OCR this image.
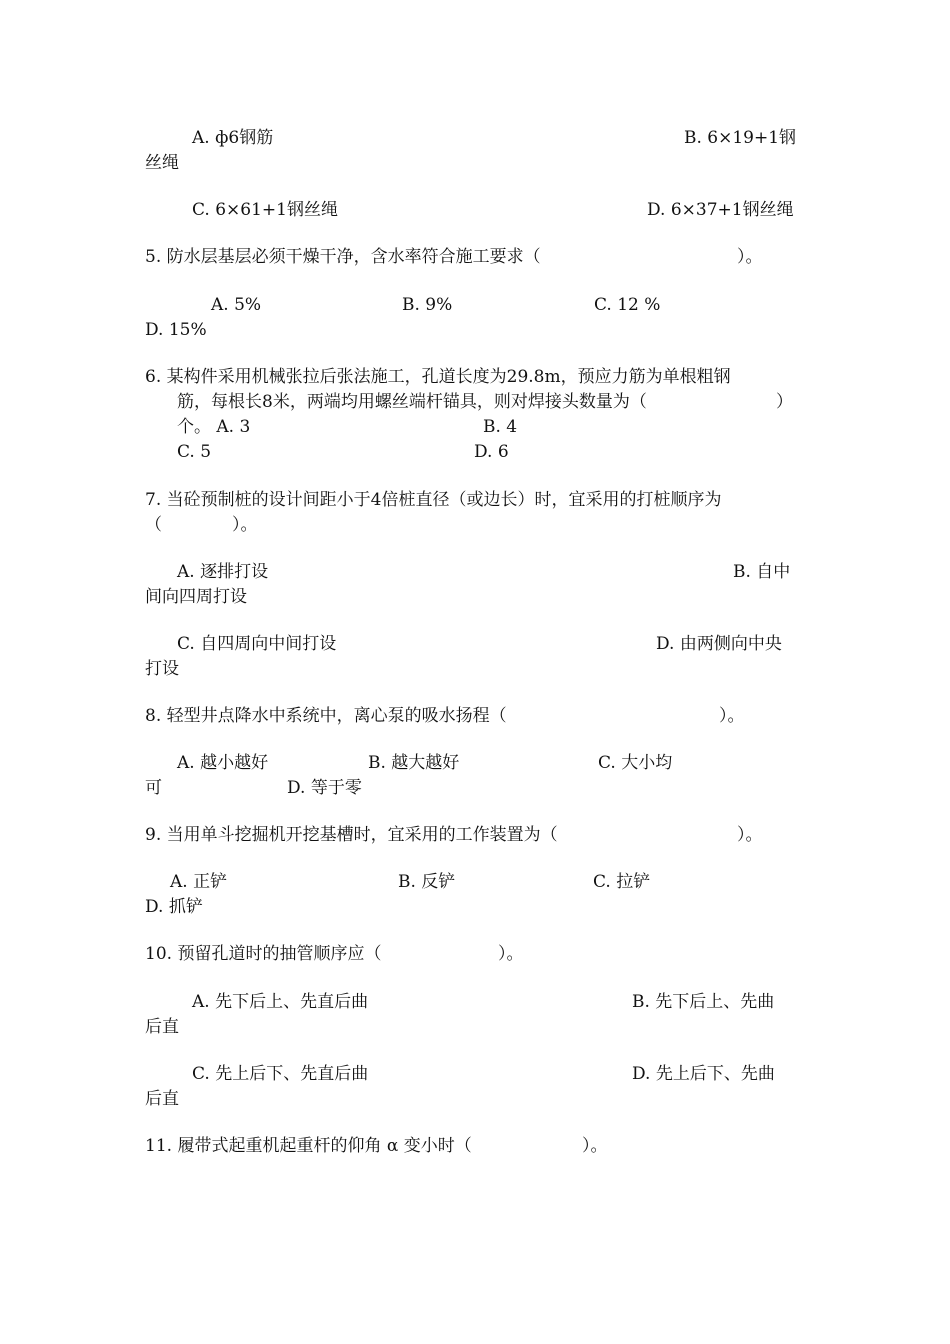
A. ф6钢筋	B. 6×19+1钢
丝绳
C. 6×61+1钢丝绳	D. 6×37+1钢丝绳
5. 防水层基层必须干燥干净，含水率符合施工要求（	）。
A. 5%	B. 9%	C. 12 %
D. 15%
6. 某构件采用机械张拉后张法施工，孔道长度为29.8m，预应力筋为单根粗钢
筋，每根长8米，两端均用螺丝端杆锚具，则对焊接头数量为（	）
个。 A. 3	B. 4
C. 5	D. 6
7. 当砼预制桩的设计间距小于4倍桩直径（或边长）时，宜采用的打桩顺序为
（	）。
A. 逐排打设	B. 自中
间向四周打设
C. 自四周向中间打设	D. 由两侧向中央
打设
8. 轻型井点降水中系统中，离心泵的吸水扬程（	）。
A. 越小越好	B. 越大越好	C. 大小均
可	D. 等于零
9. 当用单斗挖掘机开挖基槽时，宜采用的工作装置为（	）。
A. 正铲	B. 反铲	C. 拉铲
D. 抓铲
10. 预留孔道时的抽管顺序应（	）。
A. 先下后上、先直后曲	B. 先下后上、先曲
后直
C. 先上后下、先直后曲	D. 先上后下、先曲
后直
11. 履带式起重机起重杆的仰角 α 变小时（	）。
